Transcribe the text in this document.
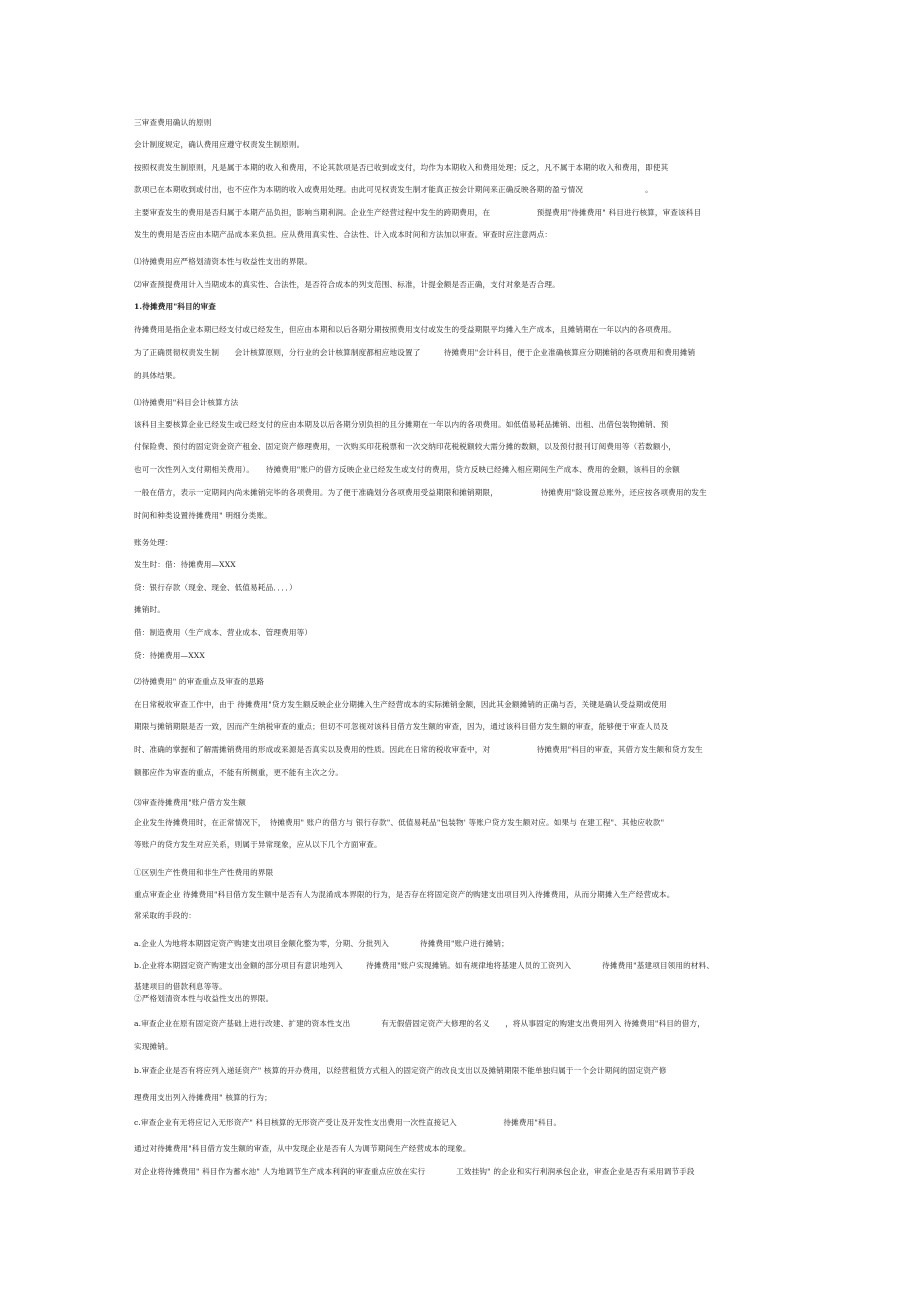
三审查费用确认的原则
会计制度规定，确认费用应遵守权责发生制原则。
按照权责发生制原则，凡是属于本期的收入和费用，不论其款项是否已收到或支付，均作为本期收入和费用处理；反之，凡不属于本期的收入和费用，即使其
款项已在本期收到或付出，也不应作为本期的收入或费用处理。由此可见权责发生制才能真正按会计期间来正确反映各期的盈亏情况　　　　　　　　。
主要审查发生的费用是否归属于本期产品负担，影响当期利润。企业生产经营过程中发生的跨期费用，在　　　　　　预提费用"待摊费用" 科目进行核算，审查该科目
发生的费用是否应由本期产品成本来负担。应从费用真实性、合法性、计入成本时间和方法加以审查。审查时应注意两点：
⑴待摊费用应严格划清资本性与收益性支出的界限。
⑵审查预提费用计入当期成本的真实性、合法性，是否符合成本的列支范围、标准，计提金额是否正确，支付对象是否合理。
1.待摊费用"科目的审查
待摊费用是指企业本期已经支付或已经发生，但应由本期和以后各期分期按照费用支付或发生的受益期限平均摊入生产成本，且摊销期在一年以内的各项费用。
为了正确贯彻权责发生制　　会计核算原则，分行业的会计核算制度都相应地设置了　　　待摊费用"会计科目，便于企业准确核算应分期摊销的各项费用和费用摊销
的具体结果。
⑴待摊费用"科目会计核算方法
该科目主要核算企业已经发生或已经支付的应由本期及以后各期分别负担的且分摊期在一年以内的各项费用。如低值易耗品摊销、出租、出借包装物摊销、预
付保险费、预付的固定资金资产租金、固定资产修理费用，一次购买印花税票和一次交纳印花税税额较大需分摊的数额，以及预付报刊订阅费用等（若数额小，
也可一次性列入支付期相关费用）。　　待摊费用"账户的借方反映企业已经发生或支付的费用，贷方反映已经摊入相应期间生产成本、费用的金额，该科目的余额
一般在借方，表示一定期间内尚未摊销完毕的各项费用。为了便于准确划分各项费用受益期限和摊销期限，　　　　　　待摊费用"除设置总账外，还应按各项费用的发生
时间和种类设置待摊费用" 明细分类账。
账务处理：
发生时：借：待摊费用—XXX
贷：银行存款（现金、现金、低值易耗品．．．．）
摊销时。
借：制造费用（生产成本、营业成本、管理费用等）
贷：待摊费用—XXX
⑵待摊费用" 的审查重点及审查的思路
在日常税收审查工作中，由于 待摊费用"贷方发生额反映企业分期摊入生产经营成本的实际摊销金额，因此其金额摊销的正确与否，关键是确认受益期或使用
期限与摊销期限是否一致，因而产生纳税审查的重点；但切不可忽视对该科目借方发生额的审查，因为，通过该科目借方发生额的审查，能够便于审查人员及
时、准确的掌握和了解需摊销费用的形成或来源是否真实以及费用的性质。因此在日常的税收审查中，对　　　　　　待摊费用"科目的审查，其借方发生额和贷方发生
额都应作为审查的重点，不能有所侧重，更不能有主次之分。
⑶审查待摊费用"账户借方发生额
企业发生待摊费用时，在正常情况下，　待摊费用" 账户的借方与 银行存款"、低值易耗品"包装物' 等账户贷方发生额对应。如果与 在建工程"、其他应收款"
等账户的贷方发生对应关系，则属于异常现象，应从以下几个方面审查。
①区别生产性费用和非生产性费用的界限
重点审查企业 待摊费用"科目借方发生额中是否有人为混淆成本界限的行为，是否存在将固定资产的购建支出项目列入待摊费用，从而分期摊入生产经营成本。
常采取的手段的：
a.企业人为地将本期固定资产购建支出项目金额化整为零，分期、分批列入　　　　待摊费用"账户进行摊销；
b.企业将本期固定资产购建支出金额的部分项目有意识地列入　　　待摊费用"账户实现摊销。如有规律地将基建人员的工资列入　　　　待摊费用"基建项目领用的材料、
基建项目的借款利息等等。
②严格划清资本性与收益性支出的界限。
a.审查企业在原有固定资产基础上进行改建、扩建的资本性支出　　　　有无假借固定资产大修理的名义　　，将从事固定的购建支出费用列入 待摊费用"科目的借方，
实现摊销。
b.审查企业是否有将应列入递延资产" 核算的开办费用，以经营租赁方式租入的固定资产的改良支出以及摊销期限不能单独归属于一个会计期间的固定资产修
理费用支出列入待摊费用" 核算的行为；
c.审查企业有无将应记入无形资产" 科目核算的无形资产受让及开发性支出费用一次性直接记入　　　　　　待摊费用"科目。
通过对待摊费用"科目借方发生额的审查，从中发现企业是否有人为调节期间生产经营成本的现象。
对企业将待摊费用" 科目作为蓄水池" 人为地调节生产成本利润的审查重点应放在实行　　　　工效挂钩" 的企业和实行利润承包企业，审查企业是否有采用调节手段
